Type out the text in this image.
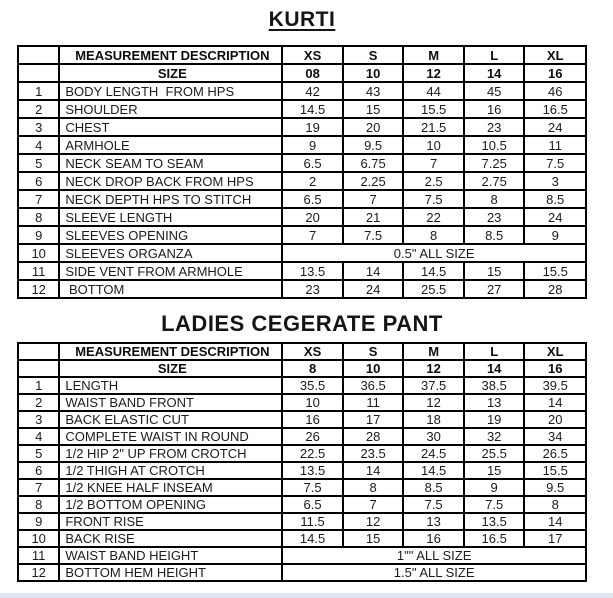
KURTI
	MEASUREMENT DESCRIPTION	XS	S	M	L	XL
	SIZE	08	10	12	14	16
1	BODY LENGTH  FROM HPS	42	43	44	45	46
2	SHOULDER	14.5	15	15.5	16	16.5
3	CHEST	19	20	21.5	23	24
4	ARMHOLE	9	9.5	10	10.5	11
5	NECK SEAM TO SEAM	6.5	6.75	7	7.25	7.5
6	NECK DROP BACK FROM HPS	2	2.25	2.5	2.75	3
7	NECK DEPTH HPS TO STITCH	6.5	7	7.5	8	8.5
8	SLEEVE LENGTH	20	21	22	23	24
9	SLEEVES OPENING	7	7.5	8	8.5	9
10	SLEEVES ORGANZA	0.5" ALL SIZE				
11	SIDE VENT FROM ARMHOLE	13.5	14	14.5	15	15.5
12	BOTTOM	23	24	25.5	27	28
LADIES CEGERATE PANT
	MEASUREMENT DESCRIPTION	XS	S	M	L	XL
	SIZE	8	10	12	14	16
1	LENGTH	35.5	36.5	37.5	38.5	39.5
2	WAIST BAND FRONT	10	11	12	13	14
3	BACK ELASTIC CUT	16	17	18	19	20
4	COMPLETE WAIST IN ROUND	26	28	30	32	34
5	1/2 HIP 2" UP FROM CROTCH	22.5	23.5	24.5	25.5	26.5
6	1/2 THIGH AT CROTCH	13.5	14	14.5	15	15.5
7	1/2 KNEE HALF INSEAM	7.5	8	8.5	9	9.5
8	1/2 BOTTOM OPENING	6.5	7	7.5	7.5	8
9	FRONT RISE	11.5	12	13	13.5	14
10	BACK RISE	14.5	15	16	16.5	17
11	WAIST BAND HEIGHT	1"" ALL SIZE				
12	BOTTOM HEM HEIGHT	1.5" ALL SIZE				
